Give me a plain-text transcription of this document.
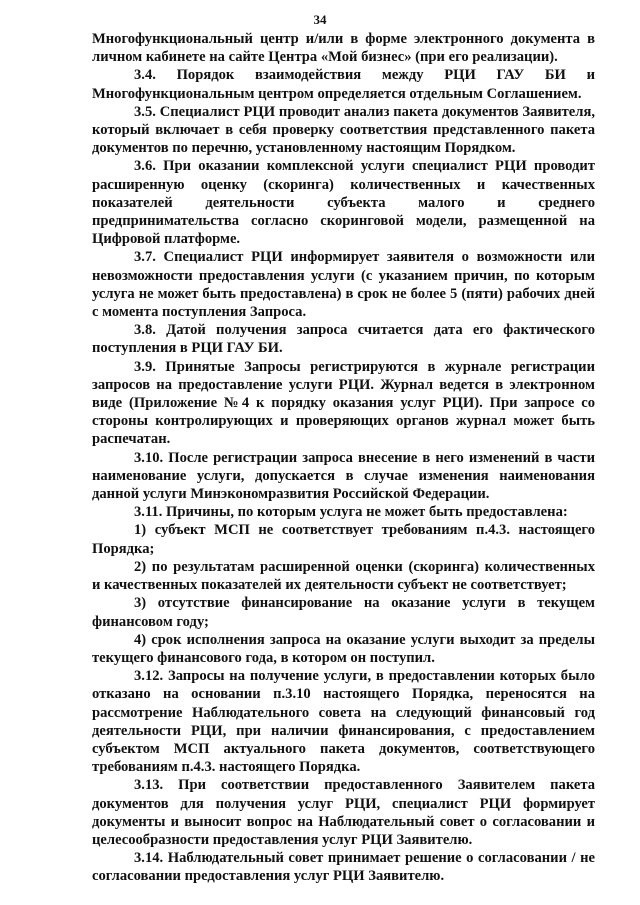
34

Многофункциональный центр и/или в форме электронного документа в личном кабинете на сайте Центра «Мой бизнес» (при его реализации).

3.4. Порядок взаимодействия между РЦИ ГАУ БИ и Многофункциональным центром определяется отдельным Соглашением.

3.5. Специалист РЦИ проводит анализ пакета документов Заявителя, который включает в себя проверку соответствия представленного пакета документов по перечню, установленному настоящим Порядком.

3.6. При оказании комплексной услуги специалист РЦИ проводит расширенную оценку (скоринга) количественных и качественных показателей деятельности субъекта малого и среднего предпринимательства согласно скоринговой модели, размещенной на Цифровой платформе.

3.7. Специалист РЦИ информирует заявителя о возможности или невозможности предоставления услуги (с указанием причин, по которым услуга не может быть предоставлена) в срок не более 5 (пяти) рабочих дней с момента поступления Запроса.

3.8. Датой получения запроса считается дата его фактического поступления в РЦИ ГАУ БИ.

3.9. Принятые Запросы регистрируются в журнале регистрации запросов на предоставление услуги РЦИ. Журнал ведется в электронном виде (Приложение №4 к порядку оказания услуг РЦИ). При запросе со стороны контролирующих и проверяющих органов журнал может быть распечатан.

3.10. После регистрации запроса внесение в него изменений в части наименование услуги, допускается в случае изменения наименования данной услуги Минэкономразвития Российской Федерации.

3.11. Причины, по которым услуга не может быть предоставлена:

1) субъект МСП не соответствует требованиям п.4.3. настоящего Порядка;

2) по результатам расширенной оценки (скоринга) количественных и качественных показателей их деятельности субъект не соответствует;

3) отсутствие финансирование на оказание услуги в текущем финансовом году;

4) срок исполнения запроса на оказание услуги выходит за пределы текущего финансового года, в котором он поступил.

3.12. Запросы на получение услуги, в предоставлении которых было отказано на основании п.3.10 настоящего Порядка, переносятся на рассмотрение Наблюдательного совета на следующий финансовый год деятельности РЦИ, при наличии финансирования, с предоставлением субъектом МСП актуального пакета документов, соответствующего требованиям п.4.3. настоящего Порядка.

3.13. При соответствии предоставленного Заявителем пакета документов для получения услуг РЦИ, специалист РЦИ формирует документы и выносит вопрос на Наблюдательный совет о согласовании и целесообразности предоставления услуг РЦИ Заявителю.

3.14. Наблюдательный совет принимает решение о согласовании / не согласовании предоставления услуг РЦИ Заявителю.
